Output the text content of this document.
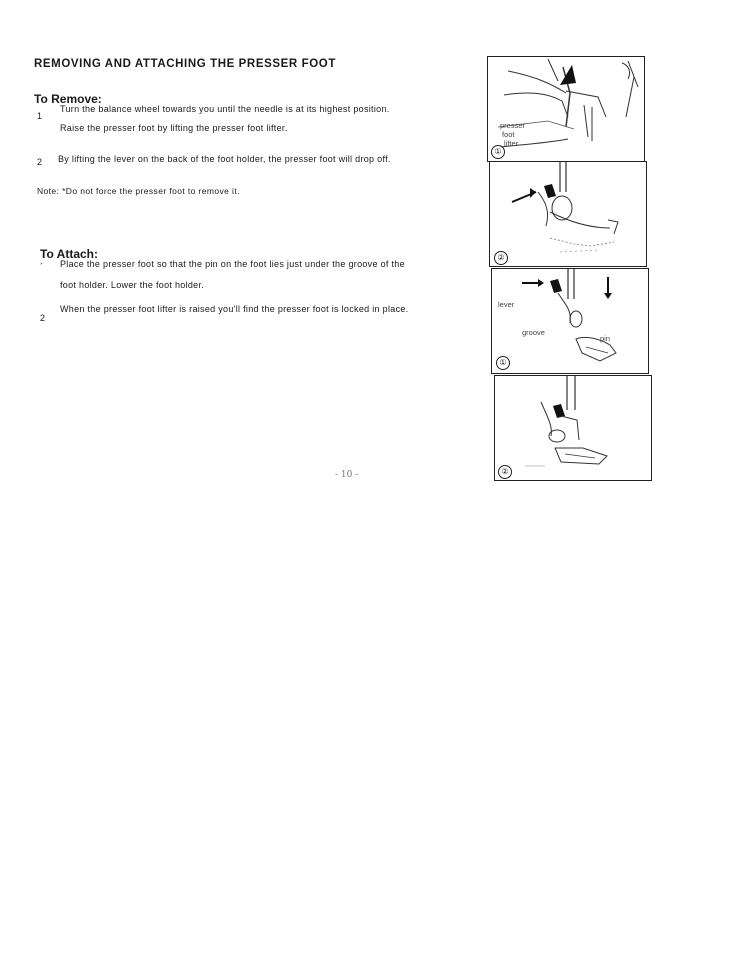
REMOVING AND ATTACHING THE PRESSER FOOT
To Remove:
1
Turn the balance wheel towards you until the needle is at its highest position.
Raise the presser foot by lifting the presser foot lifter.
2 By lifting the lever on the back of the foot holder, the presser foot will drop off.
Note: *Do not force the presser foot to remove it.
To Attach:
´ Place the presser foot so that the pin on the foot lies just under the groove of the
foot holder. Lower the foot holder.
2
When the presser foot lifter is raised you'll find the presser foot is locked in place.
presser
foot
lifter
①
②
lever
groove
pin
①
②
- 10 -
